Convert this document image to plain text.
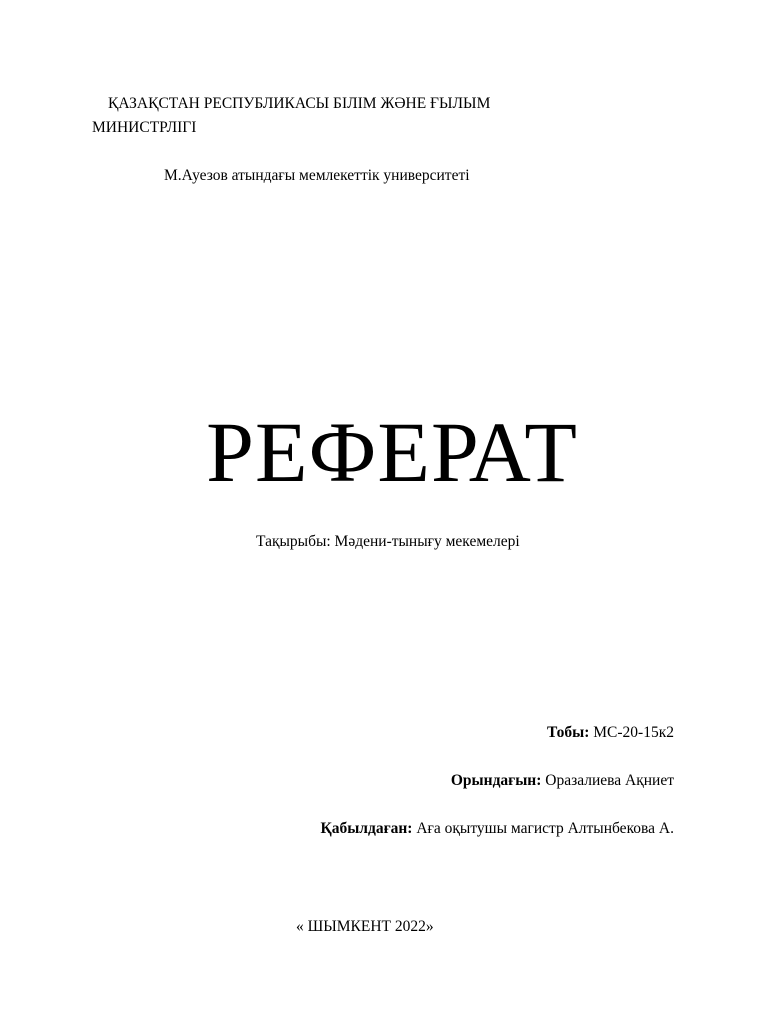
ҚАЗАҚСТАН РЕСПУБЛИКАСЫ БІЛІМ ЖӘНЕ ҒЫЛЫМ МИНИСТРЛІГІ
М.Ауезов атындағы мемлекеттік университеті
РЕФЕРАТ
Тақырыбы: Мәдени-тынығу мекемелері
Тобы: МС-20-15к2
Орындағын: Оразалиева Ақниет
Қабылдаған: Аға оқытушы магистр Алтынбекова А.
« ШЫМКЕНТ 2022»
